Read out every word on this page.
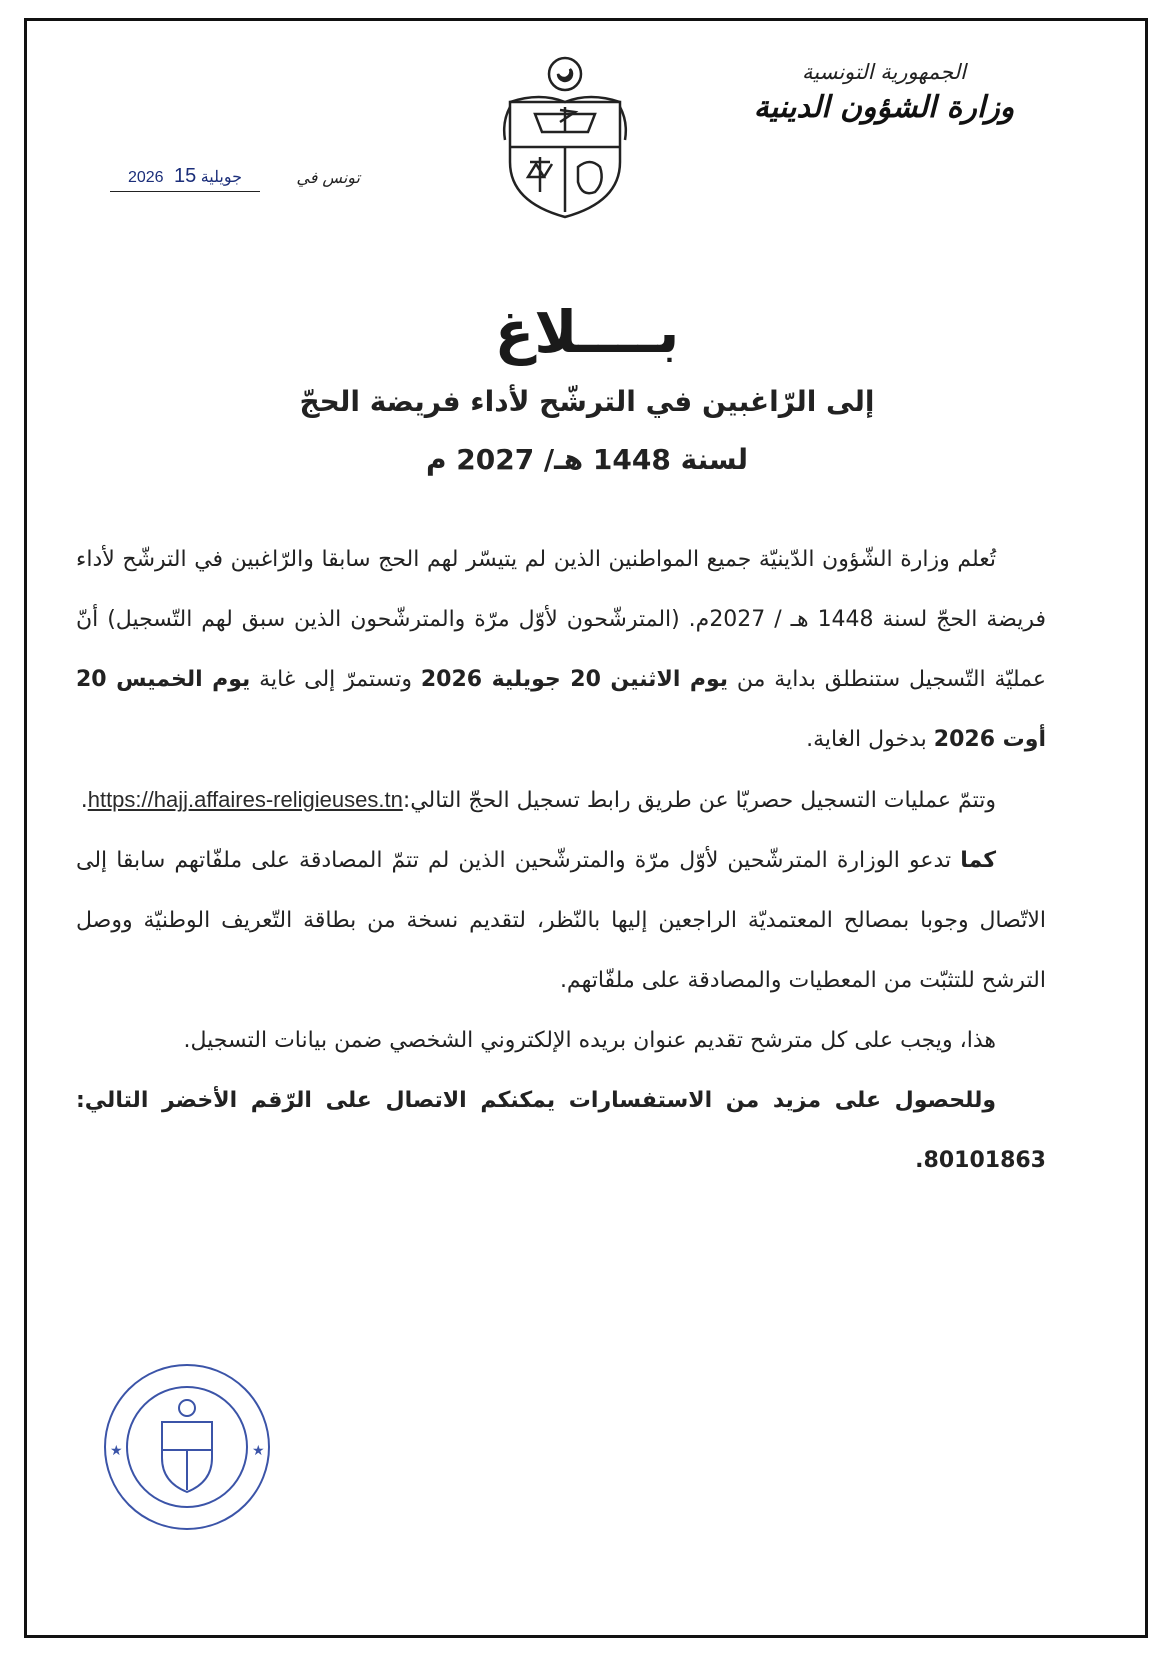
الجمهورية التونسية
وزارة الشؤون الدينية
تونس في
2026 جويلية 15
بــــلاغ
إلى الرّاغبين في الترشّح لأداء فريضة الحجّ
لسنة 1448 هـ/ 2027 م

تُعلم وزارة الشّؤون الدّينيّة جميع المواطنين الذين لم يتيسّر لهم الحج سابقا والرّاغبين في الترشّح لأداء فريضة الحجّ لسنة 1448 هـ / 2027م. (المترشّحون لأوّل مرّة والمترشّحون الذين سبق لهم التّسجيل) أنّ عمليّة التّسجيل ستنطلق بداية من يوم الاثنين 20 جويلية 2026 وتستمرّ إلى غاية يوم الخميس 20 أوت 2026 بدخول الغاية.

وتتمّ عمليات التسجيل حصريّا عن طريق رابط تسجيل الحجّ التالي:https://hajj.affaires-religieuses.tn.

كما تدعو الوزارة المترشّحين لأوّل مرّة والمترشّحين الذين لم تتمّ المصادقة على ملفّاتهم سابقا إلى الاتّصال وجوبا بمصالح المعتمديّة الراجعين إليها بالنّظر، لتقديم نسخة من بطاقة التّعريف الوطنيّة ووصل الترشح للتثبّت من المعطيات والمصادقة على ملفّاتهم.

هذا، ويجب على كل مترشح تقديم عنوان بريده الإلكتروني الشخصي ضمن بيانات التسجيل.

وللحصول على مزيد من الاستفسارات يمكنكم الاتصال على الرّقم الأخضر التالي: 80101863.

★	★
